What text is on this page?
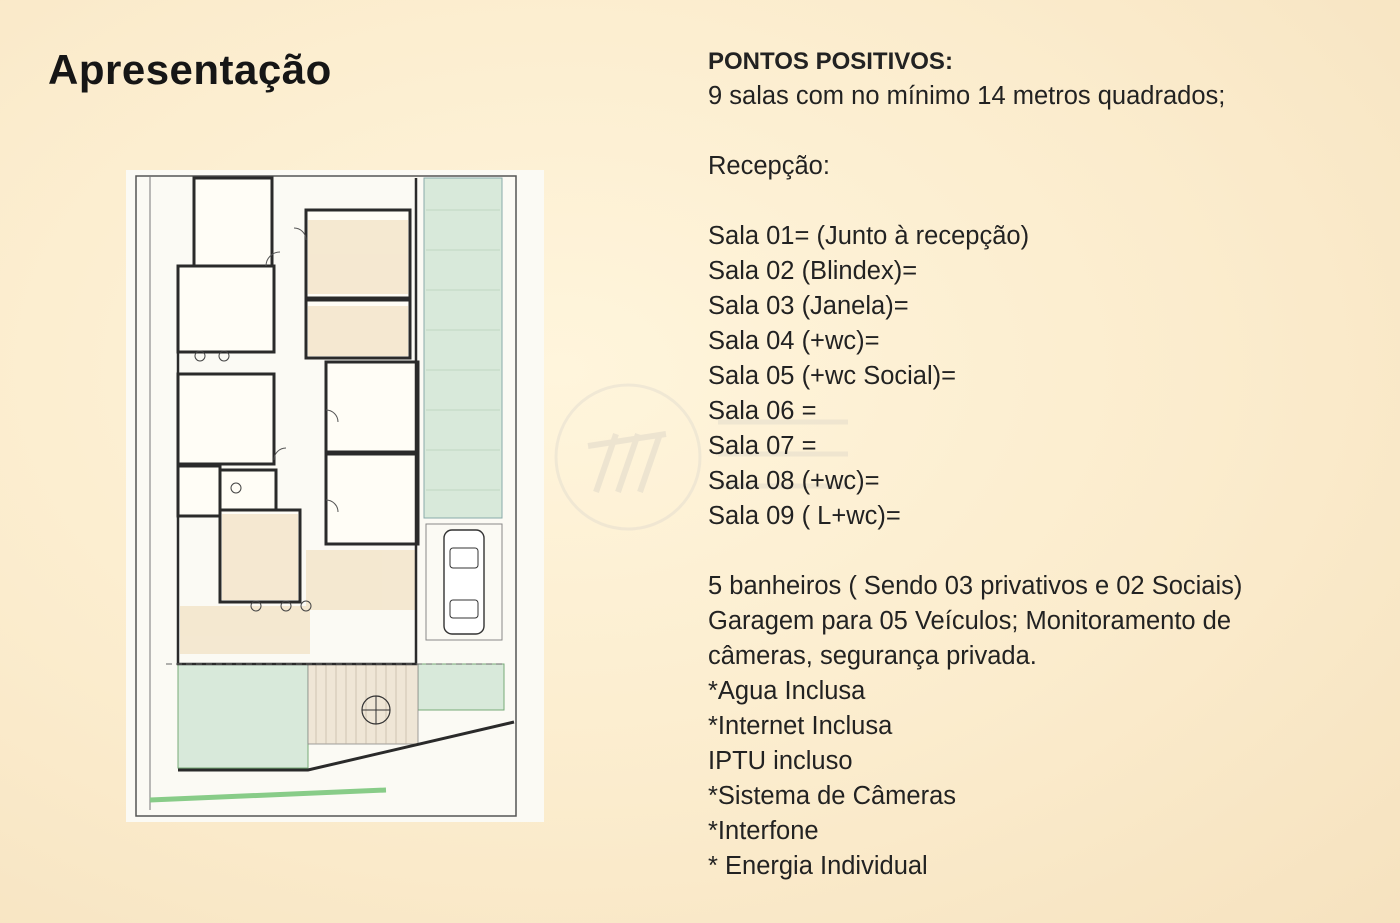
Apresentação	PONTOS POSITIVOS:
9 salas com no mínimo 14 metros quadrados;
Recepção:
Sala 01= (Junto à recepção)
Sala 02 (Blindex)=
Sala 03 (Janela)=
Sala 04 (+wc)=
Sala 05 (+wc Social)=
Sala 06 =
Sala 07 =
Sala 08 (+wc)=
Sala 09 ( L+wc)=
5 banheiros ( Sendo 03 privativos e 02 Sociais)
Garagem para 05 Veículos; Monitoramento de
câmeras, segurança privada.
*Agua Inclusa
*Internet Inclusa
IPTU incluso
*Sistema de Câmeras
*Interfone
* Energia Individual
